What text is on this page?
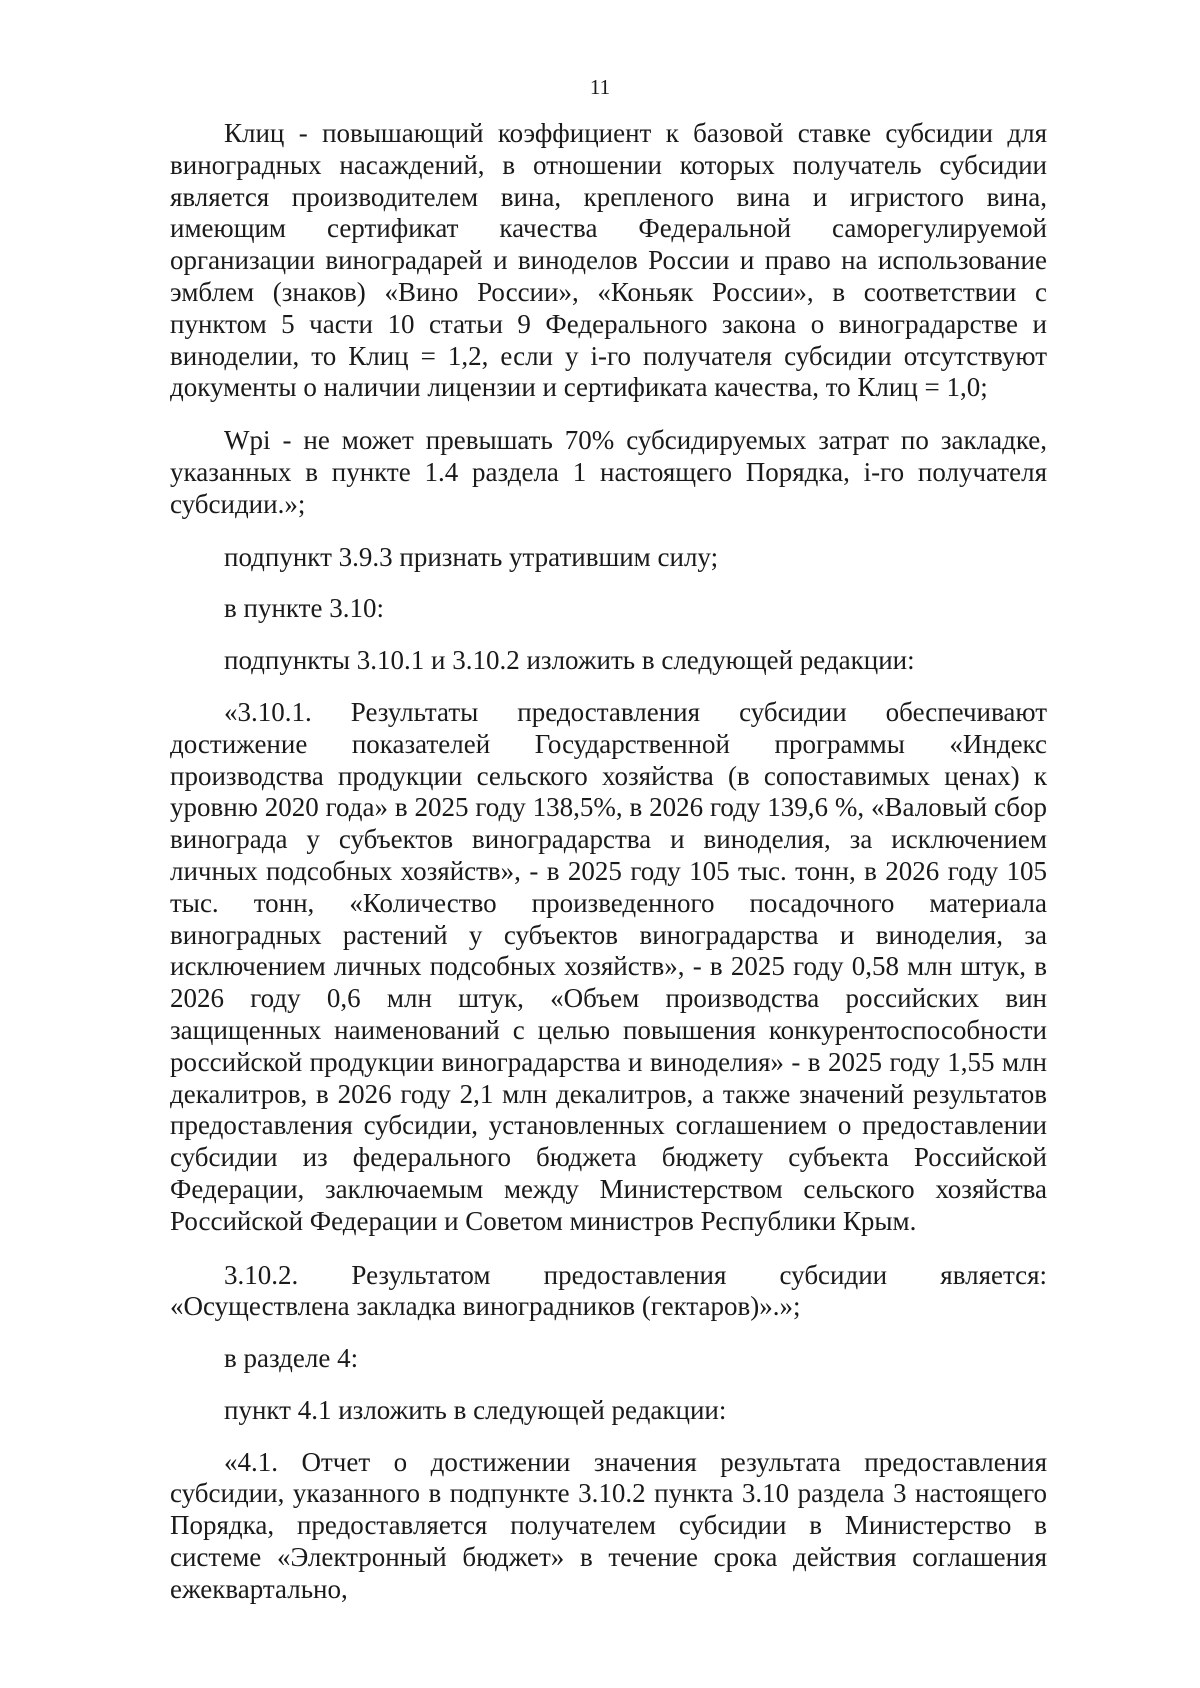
11

Клиц - повышающий коэффициент к базовой ставке субсидии для виноградных насаждений, в отношении которых получатель субсидии является производителем вина, крепленого вина и игристого вина, имеющим сертификат качества Федеральной саморегулируемой организации виноградарей и виноделов России и право на использование эмблем (знаков) «Вино России», «Коньяк России», в соответствии с пунктом 5 части 10 статьи 9 Федерального закона о виноградарстве и виноделии, то Клиц = 1,2, если у i-го получателя субсидии отсутствуют документы о наличии лицензии и сертификата качества, то Клиц = 1,0;

Wpi - не может превышать 70% субсидируемых затрат по закладке, указанных в пункте 1.4 раздела 1 настоящего Порядка, i-го получателя субсидии.»;

подпункт 3.9.3 признать утратившим силу;

в пункте 3.10:

подпункты 3.10.1 и 3.10.2 изложить в следующей редакции:

«3.10.1. Результаты предоставления субсидии обеспечивают достижение показателей Государственной программы «Индекс производства продукции сельского хозяйства (в сопоставимых ценах) к уровню 2020 года» в 2025 году 138,5%, в 2026 году 139,6 %, «Валовый сбор винограда у субъектов виноградарства и виноделия, за исключением личных подсобных хозяйств», - в 2025 году 105 тыс. тонн, в 2026 году 105 тыс. тонн, «Количество произведенного посадочного материала виноградных растений у субъектов виноградарства и виноделия, за исключением личных подсобных хозяйств», - в 2025 году 0,58 млн штук, в 2026 году 0,6 млн штук, «Объем производства российских вин защищенных наименований с целью повышения конкурентоспособности российской продукции виноградарства и виноделия» - в 2025 году 1,55 млн декалитров, в 2026 году 2,1 млн декалитров, а также значений результатов предоставления субсидии, установленных соглашением о предоставлении субсидии из федерального бюджета бюджету субъекта Российской Федерации, заключаемым между Министерством сельского хозяйства Российской Федерации и Советом министров Республики Крым.

3.10.2. Результатом предоставления субсидии является: «Осуществлена закладка виноградников (гектаров)».»;

в разделе 4:

пункт 4.1 изложить в следующей редакции:

«4.1. Отчет о достижении значения результата предоставления субсидии, указанного в подпункте 3.10.2 пункта 3.10 раздела 3 настоящего Порядка, предоставляется получателем субсидии в Министерство в системе «Электронный бюджет» в течение срока действия соглашения ежеквартально,
